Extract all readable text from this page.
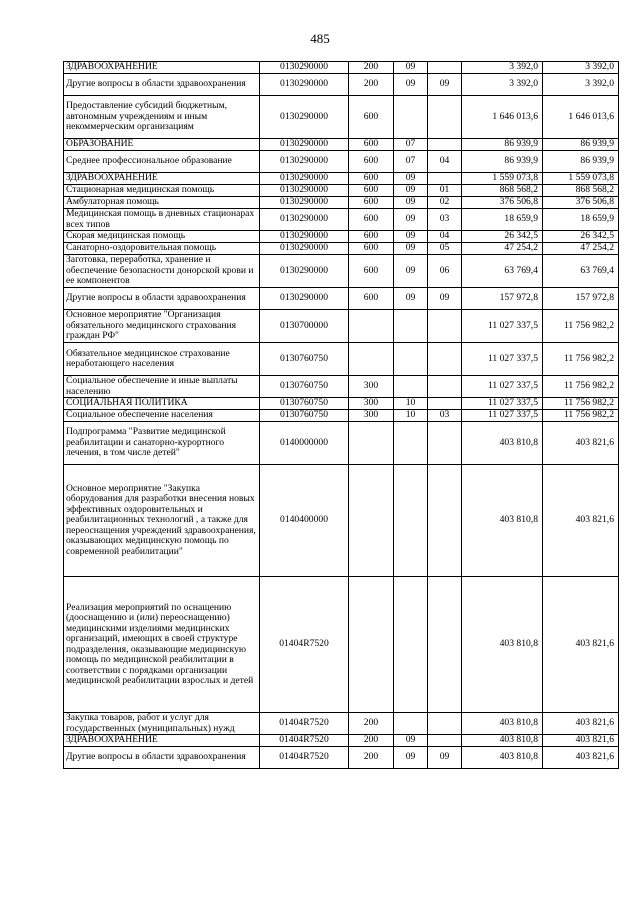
485
ЗДРАВООХРАНЕНИЕ	0130290000	200	09		3 392,0	3 392,0
Другие вопросы в области здравоохранения	0130290000	200	09	09	3 392,0	3 392,0
Предоставление субсидий бюджетным, автономным учреждениям и иным некоммерческим организациям	0130290000	600			1 646 013,6	1 646 013,6
ОБРАЗОВАНИЕ	0130290000	600	07		86 939,9	86 939,9
Среднее профессиональное образование	0130290000	600	07	04	86 939,9	86 939,9
ЗДРАВООХРАНЕНИЕ	0130290000	600	09		1 559 073,8	1 559 073,8
Стационарная медицинская помощь	0130290000	600	09	01	868 568,2	868 568,2
Амбулаторная помощь	0130290000	600	09	02	376 506,8	376 506,8
Медицинская помощь в дневных стационарах всех типов	0130290000	600	09	03	18 659,9	18 659,9
Скорая медицинская помощь	0130290000	600	09	04	26 342,5	26 342,5
Санаторно-оздоровительная помощь	0130290000	600	09	05	47 254,2	47 254,2
Заготовка, переработка, хранение и обеспечение безопасности донорской крови и ее компонентов	0130290000	600	09	06	63 769,4	63 769,4
Другие вопросы в области здравоохранения	0130290000	600	09	09	157 972,8	157 972,8
Основное мероприятие "Организация обязательного медицинского страхования граждан РФ"	0130700000				11 027 337,5	11 756 982,2
Обязательное медицинское страхование неработающего населения	0130760750				11 027 337,5	11 756 982,2
Социальное обеспечение и иные выплаты населению	0130760750	300			11 027 337,5	11 756 982,2
СОЦИАЛЬНАЯ ПОЛИТИКА	0130760750	300	10		11 027 337,5	11 756 982,2
Социальное обеспечение населения	0130760750	300	10	03	11 027 337,5	11 756 982,2
Подпрограмма "Развитие медицинской реабилитации и санаторно-курортного лечения, в том числе детей"	0140000000				403 810,8	403 821,6
Основное мероприятие "Закупка оборудования для разработки внесения новых эффективных оздоровительных и реабилитационных технологий , а также для переоснащения учреждений здравоохранения, оказывающих медицинскую помощь по современной реабилитации"	0140400000				403 810,8	403 821,6
Реализация мероприятий по оснащению (дооснащению и (или) переоснащению) медицинскими изделиями медицинских организаций, имеющих в своей структуре подразделения, оказывающие медицинскую помощь по медицинской реабилитации в соответствии с порядками организации медицинской реабилитации взрослых и детей	01404R7520				403 810,8	403 821,6
Закупка товаров, работ и услуг для государственных (муниципальных) нужд	01404R7520	200			403 810,8	403 821,6
ЗДРАВООХРАНЕНИЕ	01404R7520	200	09		403 810,8	403 821,6
Другие вопросы в области здравоохранения	01404R7520	200	09	09	403 810,8	403 821,6
